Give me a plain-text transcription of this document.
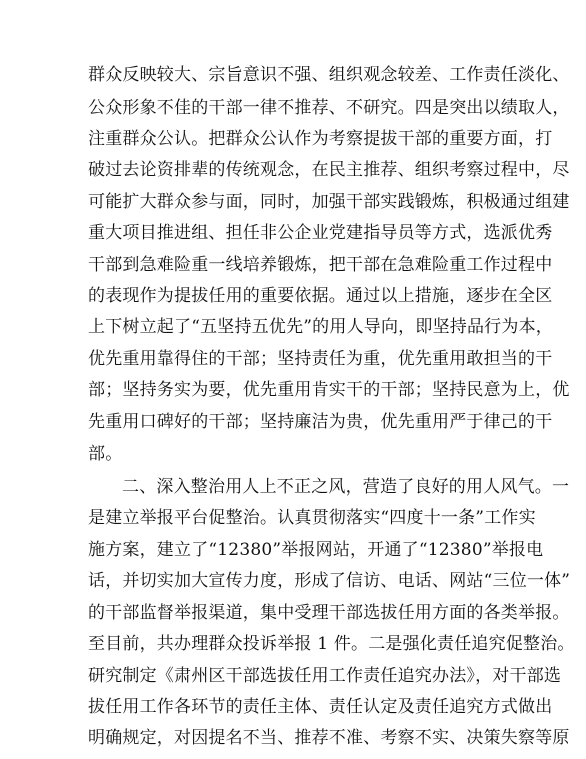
群众反映较大、宗旨意识不强、组织观念较差、工作责任淡化、
公众形象不佳的干部一律不推荐、不研究。四是突出以绩取人，
注重群众公认。把群众公认作为考察提拔干部的重要方面，打
破过去论资排辈的传统观念，在民主推荐、组织考察过程中，尽
可能扩大群众参与面，同时，加强干部实践锻炼，积极通过组建
重大项目推进组、担任非公企业党建指导员等方式，选派优秀
干部到急难险重一线培养锻炼，把干部在急难险重工作过程中
的表现作为提拔任用的重要依据。通过以上措施，逐步在全区
上下树立起了“五坚持五优先”的用人导向，即坚持品行为本，
优先重用靠得住的干部；坚持责任为重，优先重用敢担当的干
部；坚持务实为要，优先重用肯实干的干部；坚持民意为上，优
先重用口碑好的干部；坚持廉洁为贵，优先重用严于律己的干
部。
二、深入整治用人上不正之风，营造了良好的用人风气。一
是建立举报平台促整治。认真贯彻落实“四度十一条”工作实
施方案，建立了“12380”举报网站，开通了“12380”举报电
话，并切实加大宣传力度，形成了信访、电话、网站“三位一体”
的干部监督举报渠道，集中受理干部选拔任用方面的各类举报。
至目前，共办理群众投诉举报 1 件。二是强化责任追究促整治。
研究制定《肃州区干部选拔任用工作责任追究办法》，对干部选
拔任用工作各环节的责任主体、责任认定及责任追究方式做出
明确规定，对因提名不当、推荐不准、考察不实、决策失察等原
